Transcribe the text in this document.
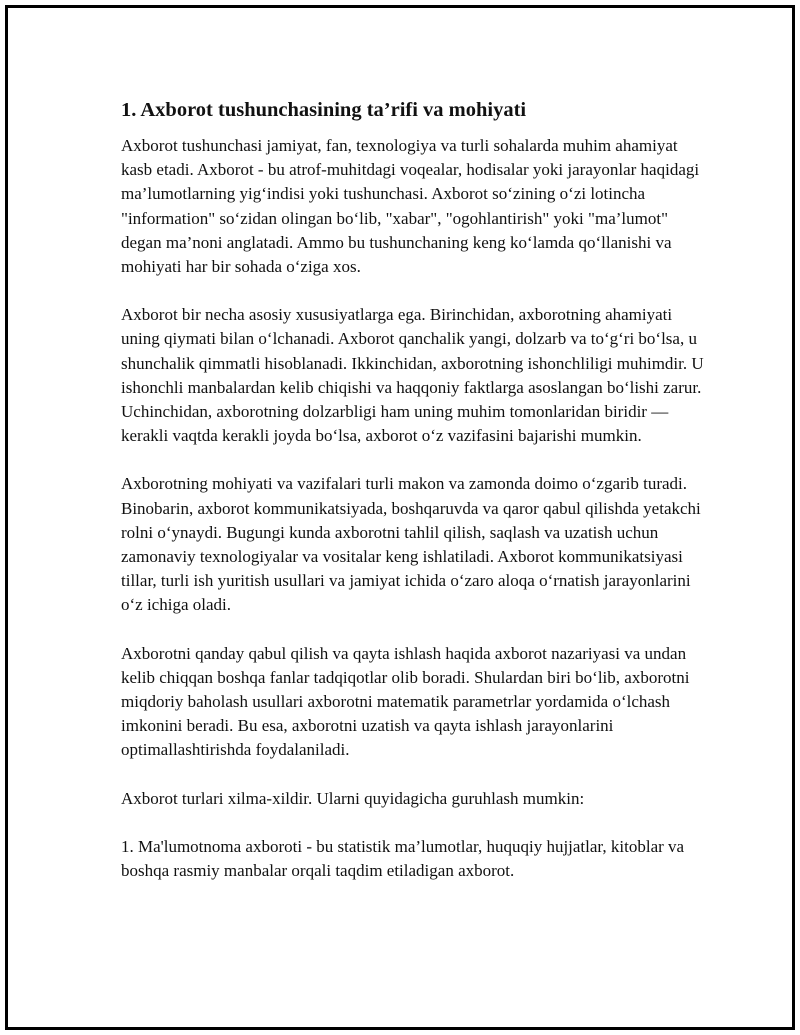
1. Axborot tushunchasining ta’rifi va mohiyati

Axborot tushunchasi jamiyat, fan, texnologiya va turli sohalarda muhim ahamiyat kasb etadi. Axborot - bu atrof-muhitdagi voqealar, hodisalar yoki jarayonlar haqidagi ma’lumotlarning yig‘indisi yoki tushunchasi. Axborot so‘zining o‘zi lotincha "information" so‘zidan olingan bo‘lib, "xabar", "ogohlantirish" yoki "ma’lumot" degan ma’noni anglatadi. Ammo bu tushunchaning keng ko‘lamda qo‘llanishi va mohiyati har bir sohada o‘ziga xos.

Axborot bir necha asosiy xususiyatlarga ega. Birinchidan, axborotning ahamiyati uning qiymati bilan o‘lchanadi. Axborot qanchalik yangi, dolzarb va to‘g‘ri bo‘lsa, u shunchalik qimmatli hisoblanadi. Ikkinchidan, axborotning ishonchliligi muhimdir. U ishonchli manbalardan kelib chiqishi va haqqoniy faktlarga asoslangan bo‘lishi zarur. Uchinchidan, axborotning dolzarbligi ham uning muhim tomonlaridan biridir — kerakli vaqtda kerakli joyda bo‘lsa, axborot o‘z vazifasini bajarishi mumkin.

Axborotning mohiyati va vazifalari turli makon va zamonda doimo o‘zgarib turadi. Binobarin, axborot kommunikatsiyada, boshqaruvda va qaror qabul qilishda yetakchi rolni o‘ynaydi. Bugungi kunda axborotni tahlil qilish, saqlash va uzatish uchun zamonaviy texnologiyalar va vositalar keng ishlatiladi. Axborot kommunikatsiyasi tillar, turli ish yuritish usullari va jamiyat ichida o‘zaro aloqa o‘rnatish jarayonlarini o‘z ichiga oladi.

Axborotni qanday qabul qilish va qayta ishlash haqida axborot nazariyasi va undan kelib chiqqan boshqa fanlar tadqiqotlar olib boradi. Shulardan biri bo‘lib, axborotni miqdoriy baholash usullari axborotni matematik parametrlar yordamida o‘lchash imkonini beradi. Bu esa, axborotni uzatish va qayta ishlash jarayonlarini optimallashtirishda foydalaniladi.

Axborot turlari xilma-xildir. Ularni quyidagicha guruhlash mumkin:

1. Ma'lumotnoma axboroti - bu statistik ma’lumotlar, huquqiy hujjatlar, kitoblar va boshqa rasmiy manbalar orqali taqdim etiladigan axborot.
